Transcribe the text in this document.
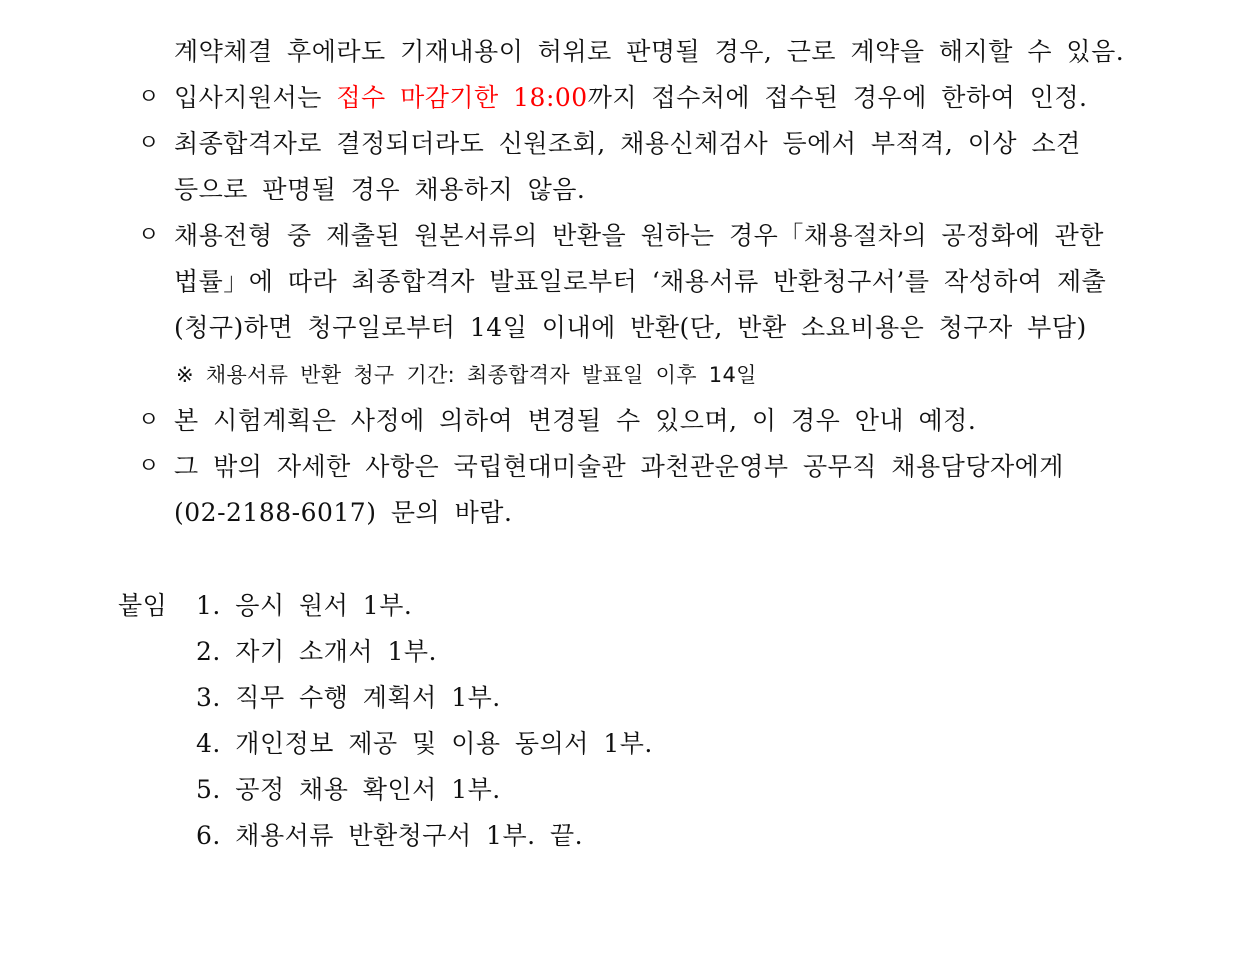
계약체결 후에라도 기재내용이 허위로 판명될 경우, 근로 계약을 해지할 수 있음.
ㅇ 입사지원서는 접수 마감기한 18:00까지 접수처에 접수된 경우에 한하여 인정.
ㅇ 최종합격자로 결정되더라도 신원조회, 채용신체검사 등에서 부적격, 이상 소견
등으로 판명될 경우 채용하지 않음.
ㅇ 채용전형 중 제출된 원본서류의 반환을 원하는 경우「채용절차의 공정화에 관한
법률」에 따라 최종합격자 발표일로부터 ‘채용서류 반환청구서’를 작성하여 제출
(청구)하면 청구일로부터 14일 이내에 반환(단, 반환 소요비용은 청구자 부담)
※ 채용서류 반환 청구 기간: 최종합격자 발표일 이후 14일
ㅇ 본 시험계획은 사정에 의하여 변경될 수 있으며, 이 경우 안내 예정.
ㅇ 그 밖의 자세한 사항은 국립현대미술관 과천관운영부 공무직 채용담당자에게
(02-2188-6017) 문의 바람.
붙임 1. 응시 원서 1부.
2. 자기 소개서 1부.
3. 직무 수행 계획서 1부.
4. 개인정보 제공 및 이용 동의서 1부.
5. 공정 채용 확인서 1부.
6. 채용서류 반환청구서 1부. 끝.
